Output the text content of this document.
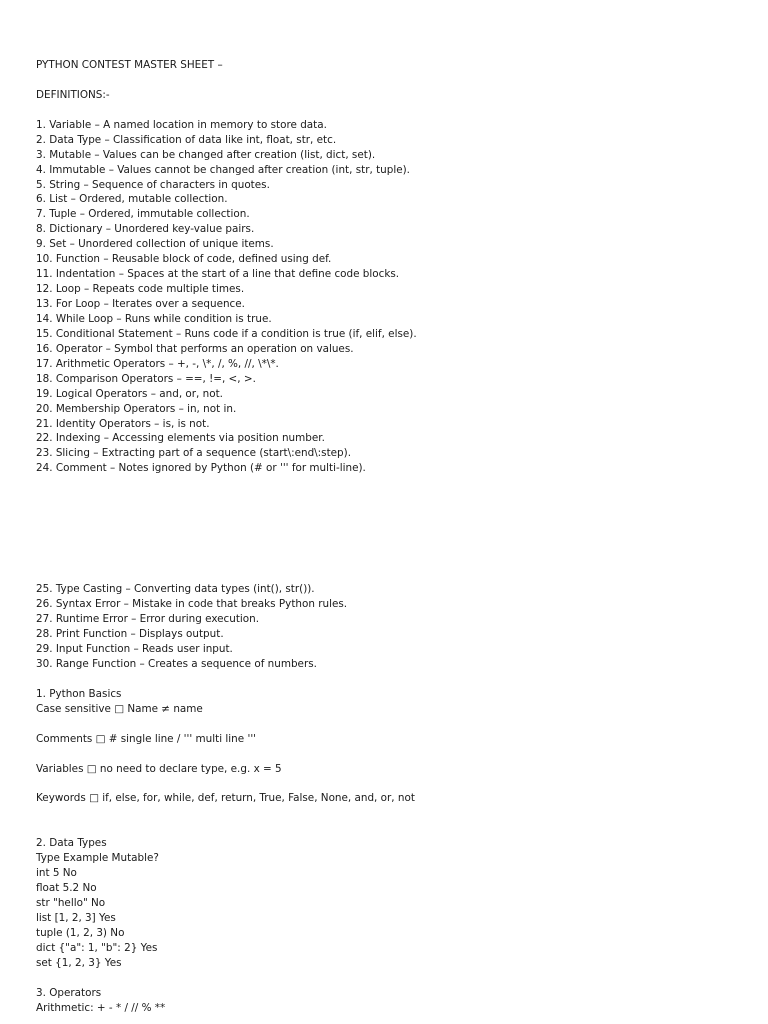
PYTHON CONTEST MASTER SHEET –
DEFINITIONS:-
1. Variable – A named location in memory to store data.
2. Data Type – Classification of data like int, float, str, etc.
3. Mutable – Values can be changed after creation (list, dict, set).
4. Immutable – Values cannot be changed after creation (int, str, tuple).
5. String – Sequence of characters in quotes.
6. List – Ordered, mutable collection.
7. Tuple – Ordered, immutable collection.
8. Dictionary – Unordered key-value pairs.
9. Set – Unordered collection of unique items.
10. Function – Reusable block of code, defined using def.
11. Indentation – Spaces at the start of a line that define code blocks.
12. Loop – Repeats code multiple times.
13. For Loop – Iterates over a sequence.
14. While Loop – Runs while condition is true.
15. Conditional Statement – Runs code if a condition is true (if, elif, else).
16. Operator – Symbol that performs an operation on values.
17. Arithmetic Operators – +, -, \*, /, %, //, \*\*.
18. Comparison Operators – ==, !=, <, >.
19. Logical Operators – and, or, not.
20. Membership Operators – in, not in.
21. Identity Operators – is, is not.
22. Indexing – Accessing elements via position number.
23. Slicing – Extracting part of a sequence (start\:end\:step).
24. Comment – Notes ignored by Python (# or ''' for multi-line).
25. Type Casting – Converting data types (int(), str()).
26. Syntax Error – Mistake in code that breaks Python rules.
27. Runtime Error – Error during execution.
28. Print Function – Displays output.
29. Input Function – Reads user input.
30. Range Function – Creates a sequence of numbers.
1. Python Basics
Case sensitive □ Name ≠ name
Comments □ # single line / ''' multi line '''
Variables □ no need to declare type, e.g. x = 5
Keywords □ if, else, for, while, def, return, True, False, None, and, or, not
2. Data Types
Type Example Mutable?
int 5 No
float 5.2 No
str "hello" No
list [1, 2, 3] Yes
tuple (1, 2, 3) No
dict {"a": 1, "b": 2} Yes
set {1, 2, 3} Yes
3. Operators
Arithmetic: + - * / // % **
